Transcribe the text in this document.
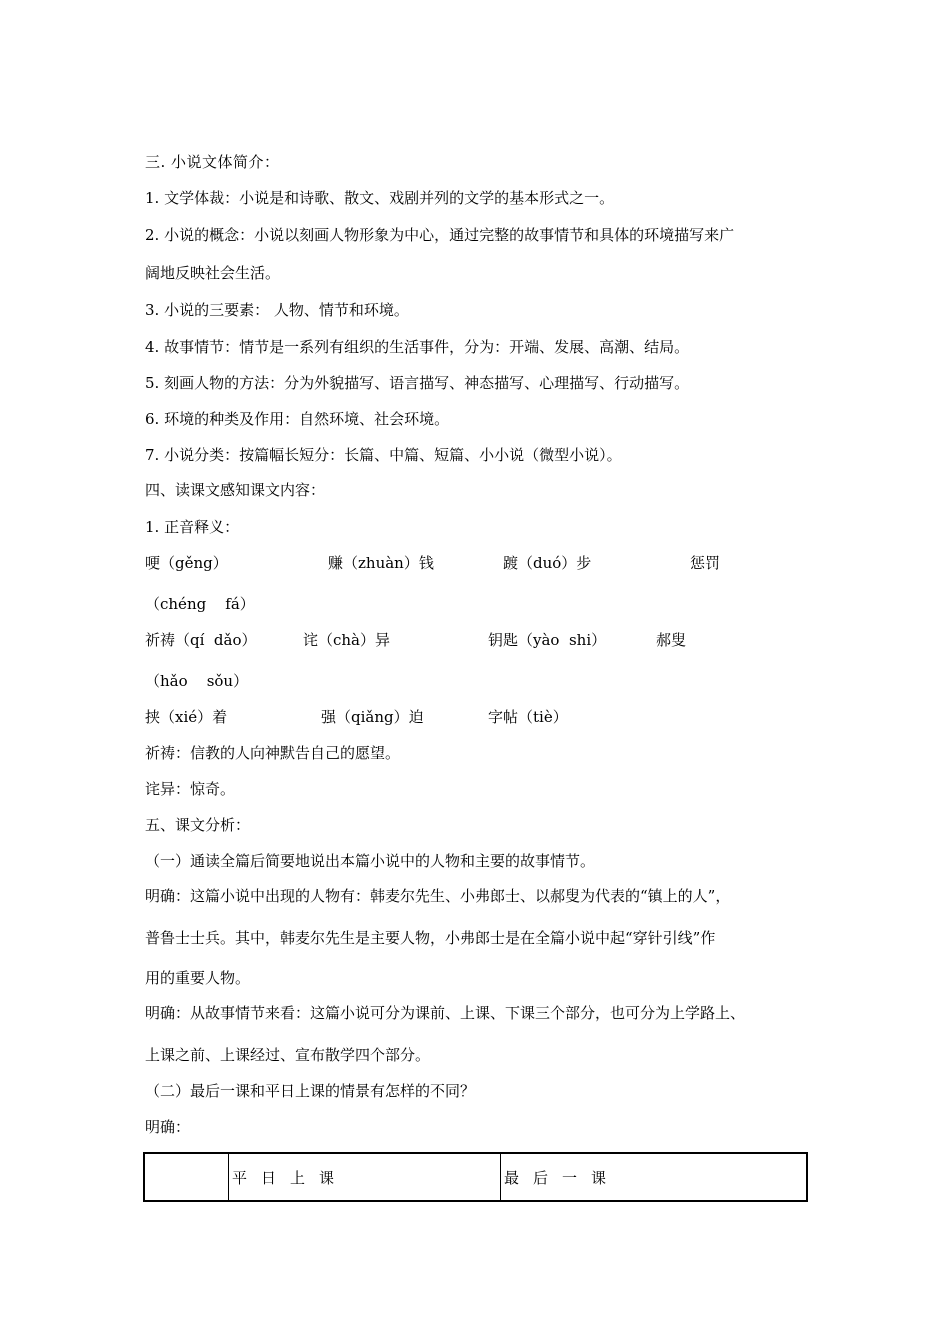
三. 小说文体简介：
1. 文学体裁：小说是和诗歌、散文、戏剧并列的文学的基本形式之一。
2. 小说的概念：小说以刻画人物形象为中心，通过完整的故事情节和具体的环境描写来广
阔地反映社会生活。
3. 小说的三要素： 人物、情节和环境。
4. 故事情节：情节是一系列有组织的生活事件，分为：开端、发展、高潮、结局。
5. 刻画人物的方法：分为外貌描写、语言描写、神态描写、心理描写、行动描写。
6. 环境的种类及作用：自然环境、社会环境。
7. 小说分类：按篇幅长短分：长篇、中篇、短篇、小小说（微型小说）。
四、读课文感知课文内容：
1. 正音释义：
哽（gěng）	赚（zhuàn）钱	踱（duó）步	惩罚
（chéng    fá）
祈祷（qí  dǎo）	诧（chà）异	钥匙（yào  shi）	郝叟
（hǎo    sǒu）
挟（xié）着	强（qiǎng）迫	字帖（tiè）
祈祷：信教的人向神默告自己的愿望。
诧异：惊奇。
五、课文分析：
（一）通读全篇后简要地说出本篇小说中的人物和主要的故事情节。
明确：这篇小说中出现的人物有：韩麦尔先生、小弗郎士、以郝叟为代表的“镇上的人”，
普鲁士士兵。其中，韩麦尔先生是主要人物，小弗郎士是在全篇小说中起“穿针引线”作
用的重要人物。
明确：从故事情节来看：这篇小说可分为课前、上课、下课三个部分，也可分为上学路上、
上课之前、上课经过、宣布散学四个部分。
（二）最后一课和平日上课的情景有怎样的不同？
明确：
	平日上课	最后一课
